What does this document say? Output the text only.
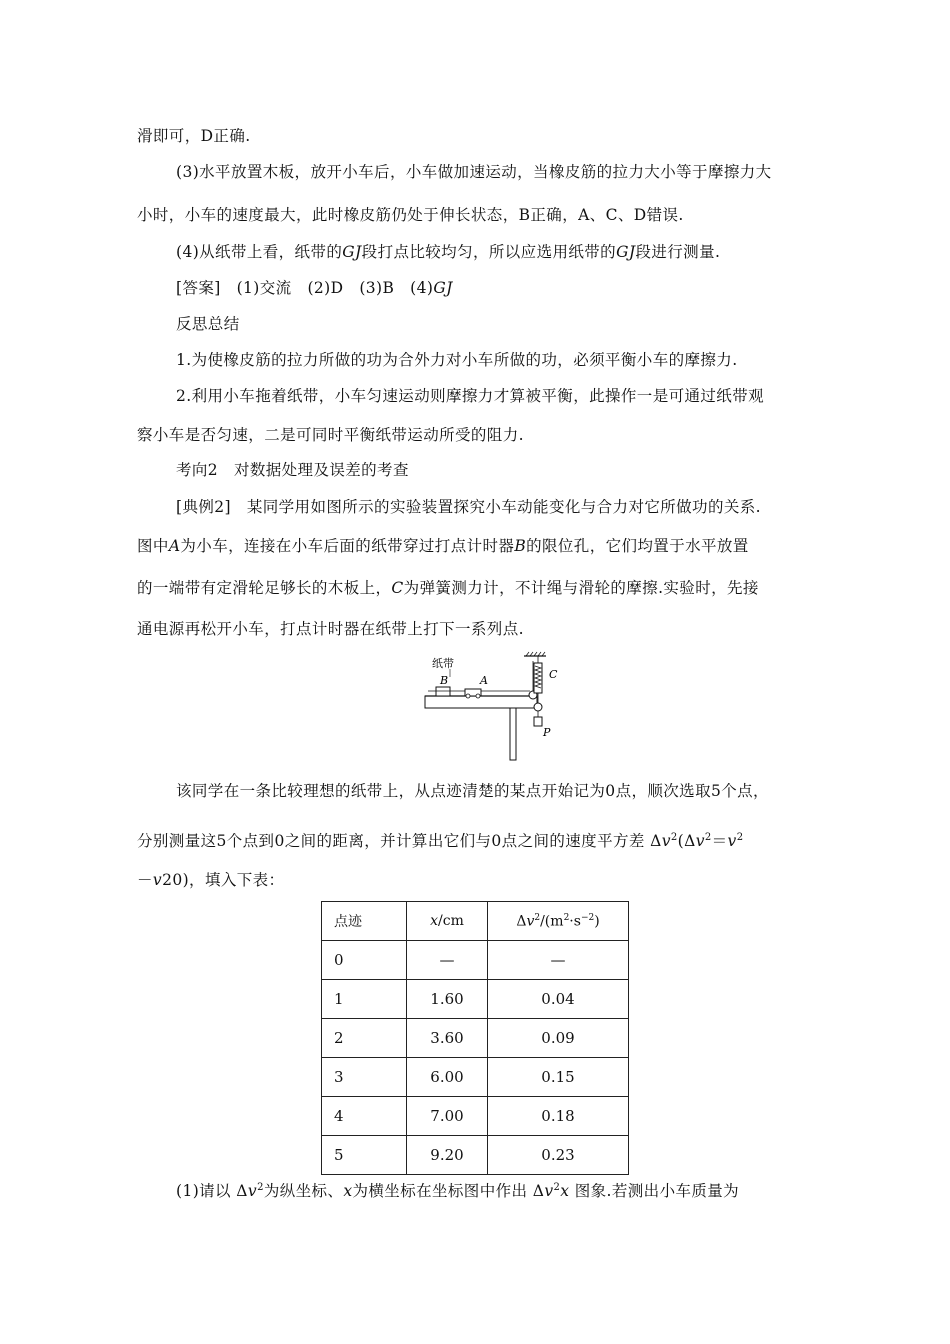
滑即可，D正确.
(3)水平放置木板，放开小车后，小车做加速运动，当橡皮筋的拉力大小等于摩擦力大
小时，小车的速度最大，此时橡皮筋仍处于伸长状态，B正确，A、C、D错误.
(4)从纸带上看，纸带的GJ段打点比较均匀，所以应选用纸带的GJ段进行测量.
[答案]　(1)交流　(2)D　(3)B　(4)GJ
反思总结
1.为使橡皮筋的拉力所做的功为合外力对小车所做的功，必须平衡小车的摩擦力.
2.利用小车拖着纸带，小车匀速运动则摩擦力才算被平衡，此操作一是可通过纸带观
察小车是否匀速，二是可同时平衡纸带运动所受的阻力.
考向2　对数据处理及误差的考查
[典例2]　某同学用如图所示的实验装置探究小车动能变化与合力对它所做功的关系.
图中A为小车，连接在小车后面的纸带穿过打点计时器B的限位孔，它们均置于水平放置
的一端带有定滑轮足够长的木板上，C为弹簧测力计，不计绳与滑轮的摩擦.实验时，先接
通电源再松开小车，打点计时器在纸带上打下一系列点.
纸带
B	A	C
P
该同学在一条比较理想的纸带上，从点迹清楚的某点开始记为0点，顺次选取5个点，
分别测量这5个点到0之间的距离，并计算出它们与0点之间的速度平方差 $\Delta v^2(\Delta v^2=v^2$
－v20)，填入下表：
点迹	x/cm	$\Delta v^2/(m^2\cdot s^{-2})$
0	—	—
1	1.60	0.04
2	3.60	0.09
3	6.00	0.15
4	7.00	0.18
5	9.20	0.23
(1)请以 $\Delta v^2$为纵坐标、x为横坐标在坐标图中作出 $\Delta v^2x$ 图象.若测出小车质量为
